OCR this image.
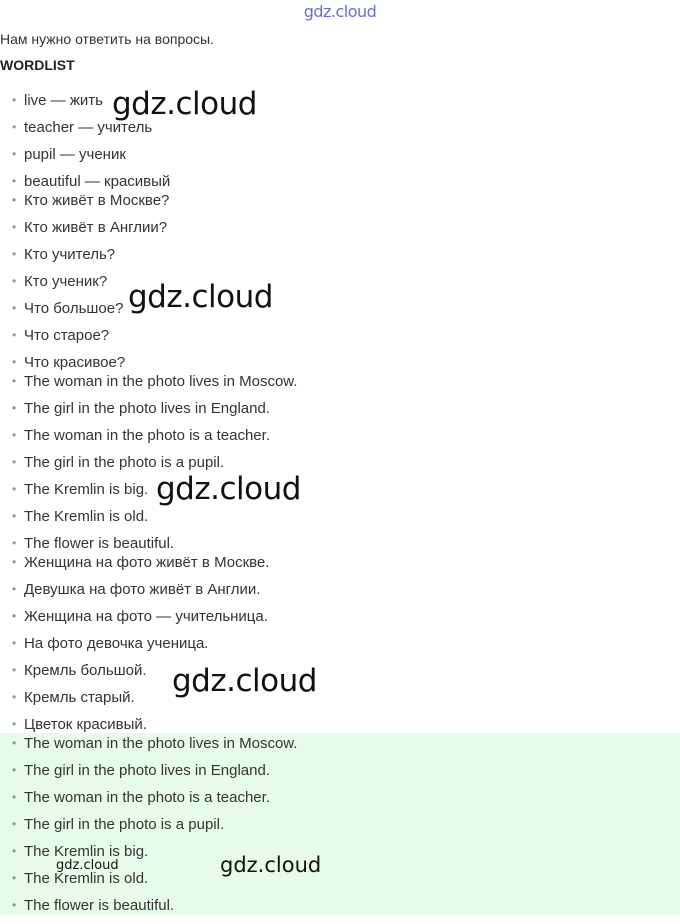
gdz.cloud
Нам нужно ответить на вопросы.
WORDLIST
• live — жить
• teacher — учитель
• pupil — ученик
• beautiful — красивый
• Кто живёт в Москве?
• Кто живёт в Англии?
• Кто учитель?
• Кто ученик?
• Что большое?
• Что старое?
• Что красивое?
• The woman in the photo lives in Moscow.
• The girl in the photo lives in England.
• The woman in the photo is a teacher.
• The girl in the photo is a pupil.
• The Kremlin is big.
• The Kremlin is old.
• The flower is beautiful.
• Женщина на фото живёт в Москве.
• Девушка на фото живёт в Англии.
• Женщина на фото — учительница.
• На фото девочка ученица.
• Кремль большой.
• Кремль старый.
• Цветок красивый.
• The woman in the photo lives in Moscow.
• The girl in the photo lives in England.
• The woman in the photo is a teacher.
• The girl in the photo is a pupil.
• The Kremlin is big.
• The Kremlin is old.
• The flower is beautiful.
gdz.cloud
gdz.cloud
gdz.cloud
gdz.cloud
gdz.cloud	gdz.cloud
